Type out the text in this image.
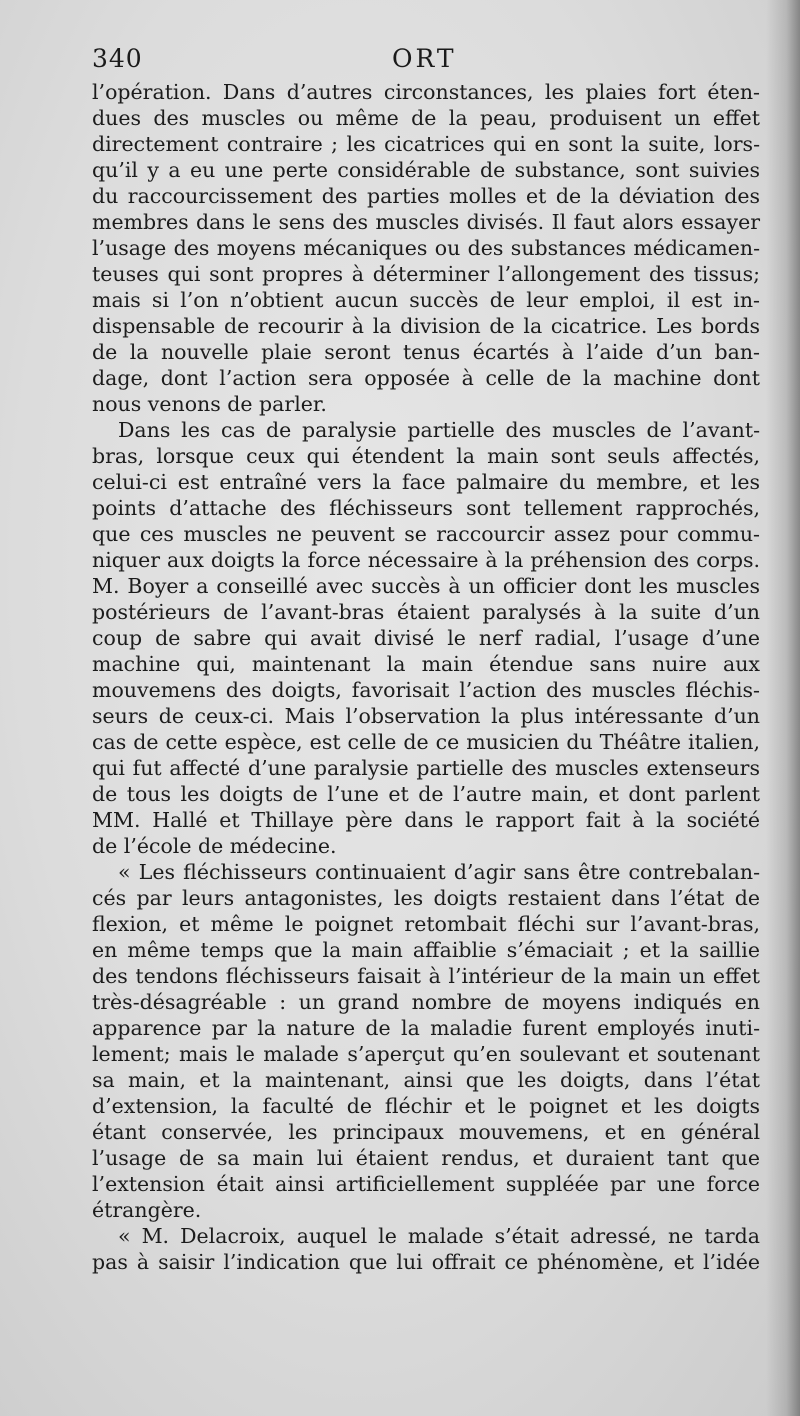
340	ORT
l’opération. Dans d’autres circonstances, les plaies fort éten-
dues des muscles ou même de la peau, produisent un effet
directement contraire ; les cicatrices qui en sont la suite, lors-
qu’il y a eu une perte considérable de substance, sont suivies
du raccourcissement des parties molles et de la déviation des
membres dans le sens des muscles divisés. Il faut alors essayer
l’usage des moyens mécaniques ou des substances médicamen-
teuses qui sont propres à déterminer l’allongement des tissus;
mais si l’on n’obtient aucun succès de leur emploi, il est in-
dispensable de recourir à la division de la cicatrice. Les bords
de la nouvelle plaie seront tenus écartés à l’aide d’un ban-
dage, dont l’action sera opposée à celle de la machine dont
nous venons de parler.
Dans les cas de paralysie partielle des muscles de l’avant-
bras, lorsque ceux qui étendent la main sont seuls affectés,
celui-ci est entraîné vers la face palmaire du membre, et les
points d’attache des fléchisseurs sont tellement rapprochés,
que ces muscles ne peuvent se raccourcir assez pour commu-
niquer aux doigts la force nécessaire à la préhension des corps.
M. Boyer a conseillé avec succès à un officier dont les muscles
postérieurs de l’avant-bras étaient paralysés à la suite d’un
coup de sabre qui avait divisé le nerf radial, l’usage d’une
machine qui, maintenant la main étendue sans nuire aux
mouvemens des doigts, favorisait l’action des muscles fléchis-
seurs de ceux-ci. Mais l’observation la plus intéressante d’un
cas de cette espèce, est celle de ce musicien du Théâtre italien,
qui fut affecté d’une paralysie partielle des muscles extenseurs
de tous les doigts de l’une et de l’autre main, et dont parlent
MM. Hallé et Thillaye père dans le rapport fait à la société
de l’école de médecine.
« Les fléchisseurs continuaient d’agir sans être contrebalan-
cés par leurs antagonistes, les doigts restaient dans l’état de
flexion, et même le poignet retombait fléchi sur l’avant-bras,
en même temps que la main affaiblie s’émaciait ; et la saillie
des tendons fléchisseurs faisait à l’intérieur de la main un effet
très-désagréable : un grand nombre de moyens indiqués en
apparence par la nature de la maladie furent employés inuti-
lement; mais le malade s’aperçut qu’en soulevant et soutenant
sa main, et la maintenant, ainsi que les doigts, dans l’état
d’extension, la faculté de fléchir et le poignet et les doigts
étant conservée, les principaux mouvemens, et en général
l’usage de sa main lui étaient rendus, et duraient tant que
l’extension était ainsi artificiellement suppléée par une force
étrangère.
« M. Delacroix, auquel le malade s’était adressé, ne tarda
pas à saisir l’indication que lui offrait ce phénomène, et l’idée
